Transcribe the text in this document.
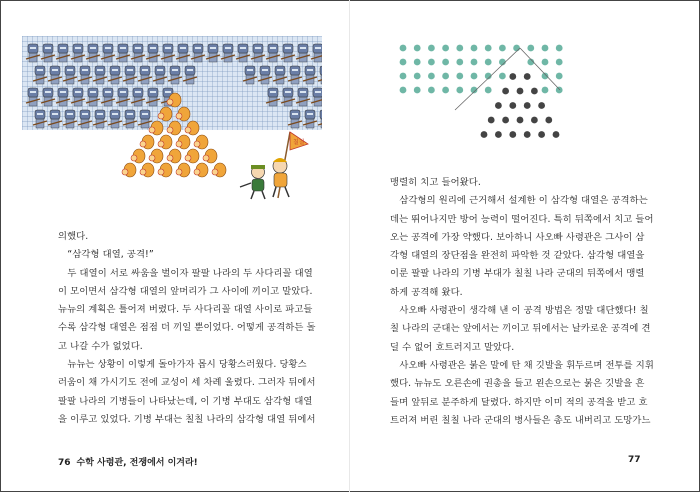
칠칠

의했다.

 “삼각형 대열, 공격!”

 두 대열이 서로 싸움을 벌이자 팔팔 나라의 두 사다리꼴 대열

이 모이면서 삼각형 대열의 앞머리가 그 사이에 끼이고 말았다.

뉴뉴의 계획은 틀어져 버렸다. 두 사다리꼴 대열 사이로 파고들

수록 삼각형 대열은 점점 더 끼일 뿐이었다. 어떻게 공격하든 돌

고 나갈 수가 없었다.

 뉴뉴는 상황이 이렇게 돌아가자 몹시 당황스러웠다. 당황스

러움이 채 가시기도 전에 교성이 세 차례 울렸다. 그러자 뒤에서

팔팔 나라의 기병들이 나타났는데, 이 기병 부대도 삼각형 대열

을 이루고 있었다. 기병 부대는 칠칠 나라의 삼각형 대열 뒤에서

맹렬히 치고 들어왔다.

 삼각형의 원리에 근거해서 설계한 이 삼각형 대열은 공격하는

데는 뛰어나지만 방어 능력이 떨어진다. 특히 뒤쪽에서 치고 들어

오는 공격에 가장 약했다. 보아하니 사오빠 사령관은 그사이 삼

각형 대열의 장단점을 완전히 파악한 것 같았다. 삼각형 대열을

이룬 팔팔 나라의 기병 부대가 칠칠 나라 군대의 뒤쪽에서 맹렬

하게 공격해 왔다.

 사오빠 사령관이 생각해 낸 이 공격 방법은 정말 대단했다! 칠

칠 나라의 군대는 앞에서는 끼이고 뒤에서는 날카로운 공격에 견

딜 수 없어 흐트러지고 말았다.

 사오빠 사령관은 붉은 말에 탄 채 깃발을 휘두르며 전투를 지휘

했다. 뉴뉴도 오른손에 권총을 들고 왼손으로는 붉은 깃발을 흔

들며 앞뒤로 분주하게 달렸다. 하지만 이미 적의 공격을 받고 흐

트러져 버린 칠칠 나라 군대의 병사들은 총도 내버리고 도망가느

76 수학 사령관, 전쟁에서 이겨라!	77
